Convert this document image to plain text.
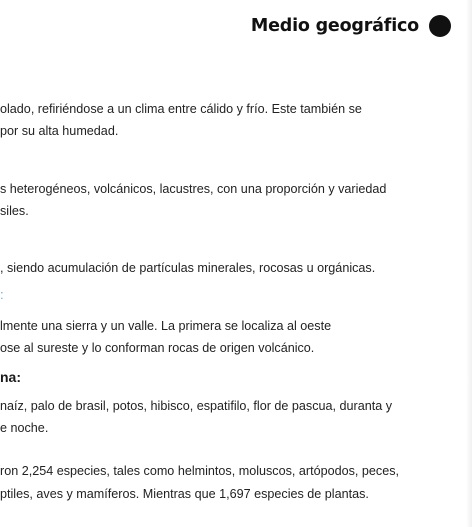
Medio geográfico
olado, refiriéndose a un clima entre cálido y frío. Este también se
por su alta humedad.
s heterogéneos, volcánicos, lacustres, con una proporción y variedad
siles.
, siendo acumulación de partículas minerales, rocosas u orgánicas.
:
lmente una sierra y un valle. La primera se localiza al oeste
ose al sureste y lo conforman rocas de origen volcánico.
na:
naíz, palo de brasil, potos, hibisco, espatifilo, flor de pascua, duranta y
e noche.
ron 2,254 especies, tales como helmintos, moluscos, artópodos, peces,
ptiles, aves y mamíferos. Mientras que 1,697 especies de plantas.
